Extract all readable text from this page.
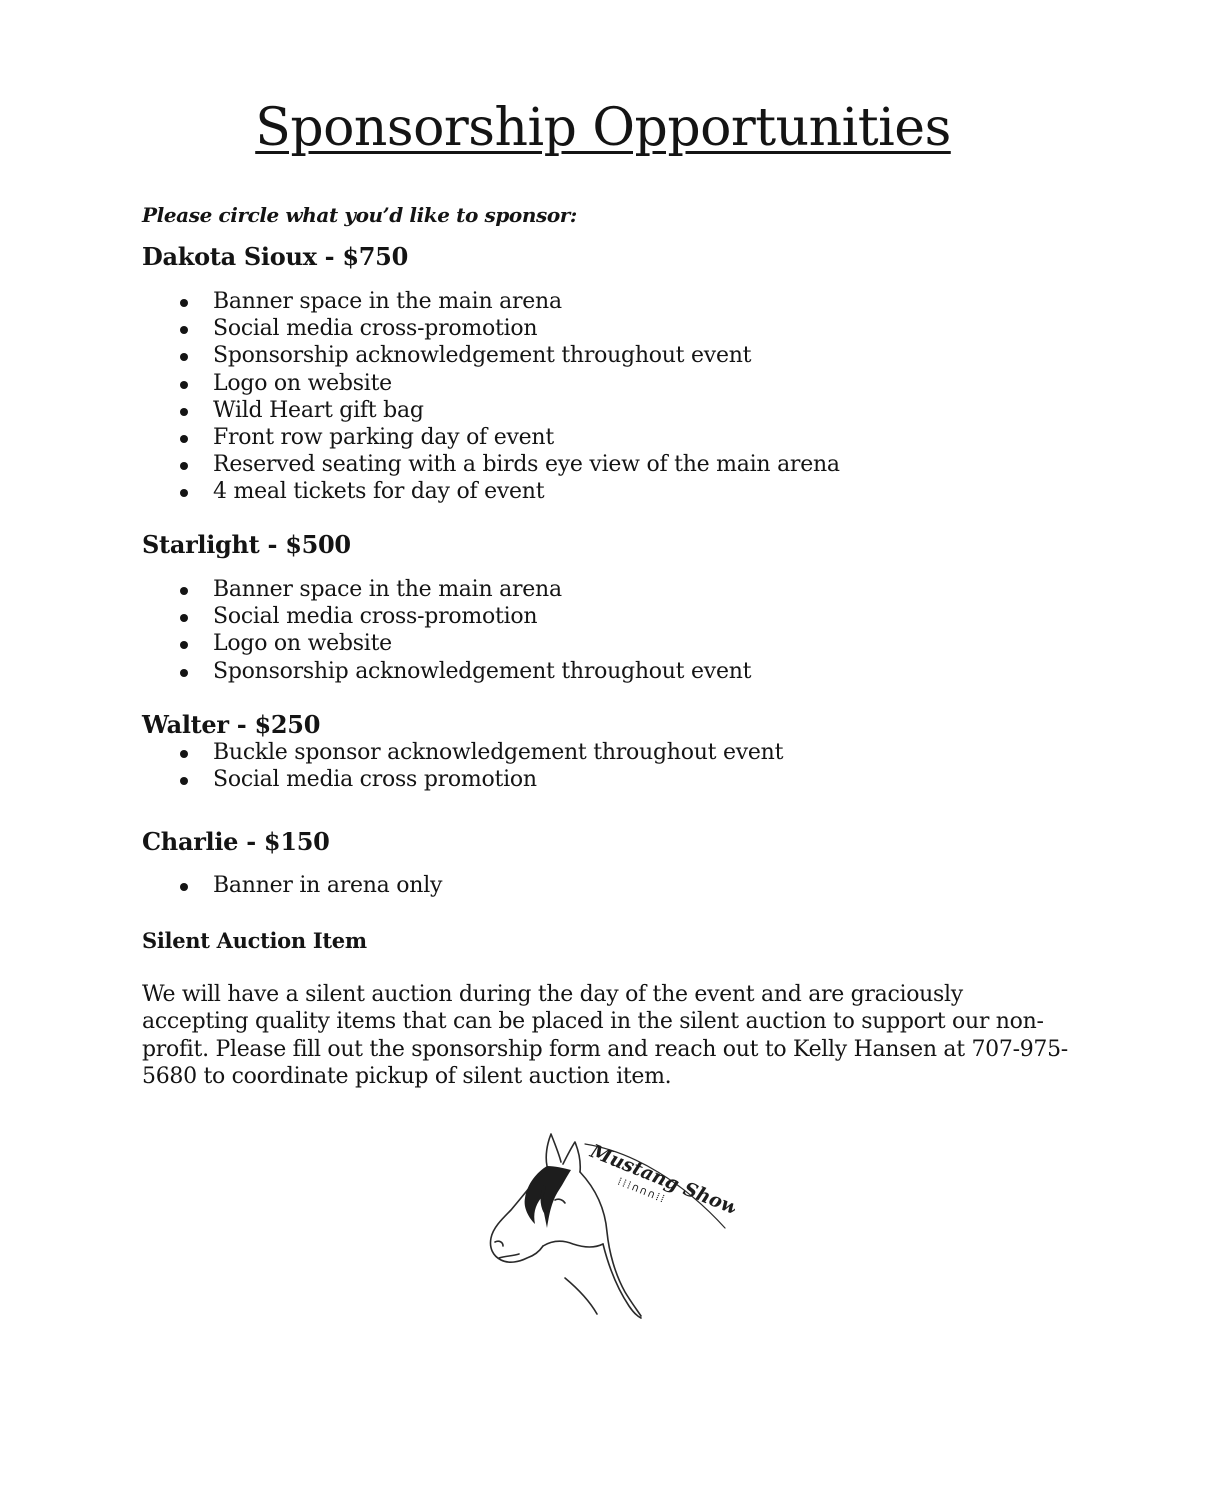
Sponsorship Opportunities
Please circle what you’d like to sponsor:
Dakota Sioux - $750
Banner space in the main arena
Social media cross-promotion
Sponsorship acknowledgement throughout event
Logo on website
Wild Heart gift bag
Front row parking day of event
Reserved seating with a birds eye view of the main arena
4 meal tickets for day of event
Starlight - $500
Banner space in the main arena
Social media cross-promotion
Logo on website
Sponsorship acknowledgement throughout event
Walter - $250
Buckle sponsor acknowledgement throughout event
Social media cross promotion
Charlie - $150
Banner in arena only
Silent Auction Item

We will have a silent auction during the day of the event and are graciously accepting quality items that can be placed in the silent auction to support our non-profit. Please fill out the sponsorship form and reach out to Kelly Hansen at 707-975-5680 to coordinate pickup of silent auction item.

Mustang Showcase
⁞⁞⁞∩∩∩⁞⁞
